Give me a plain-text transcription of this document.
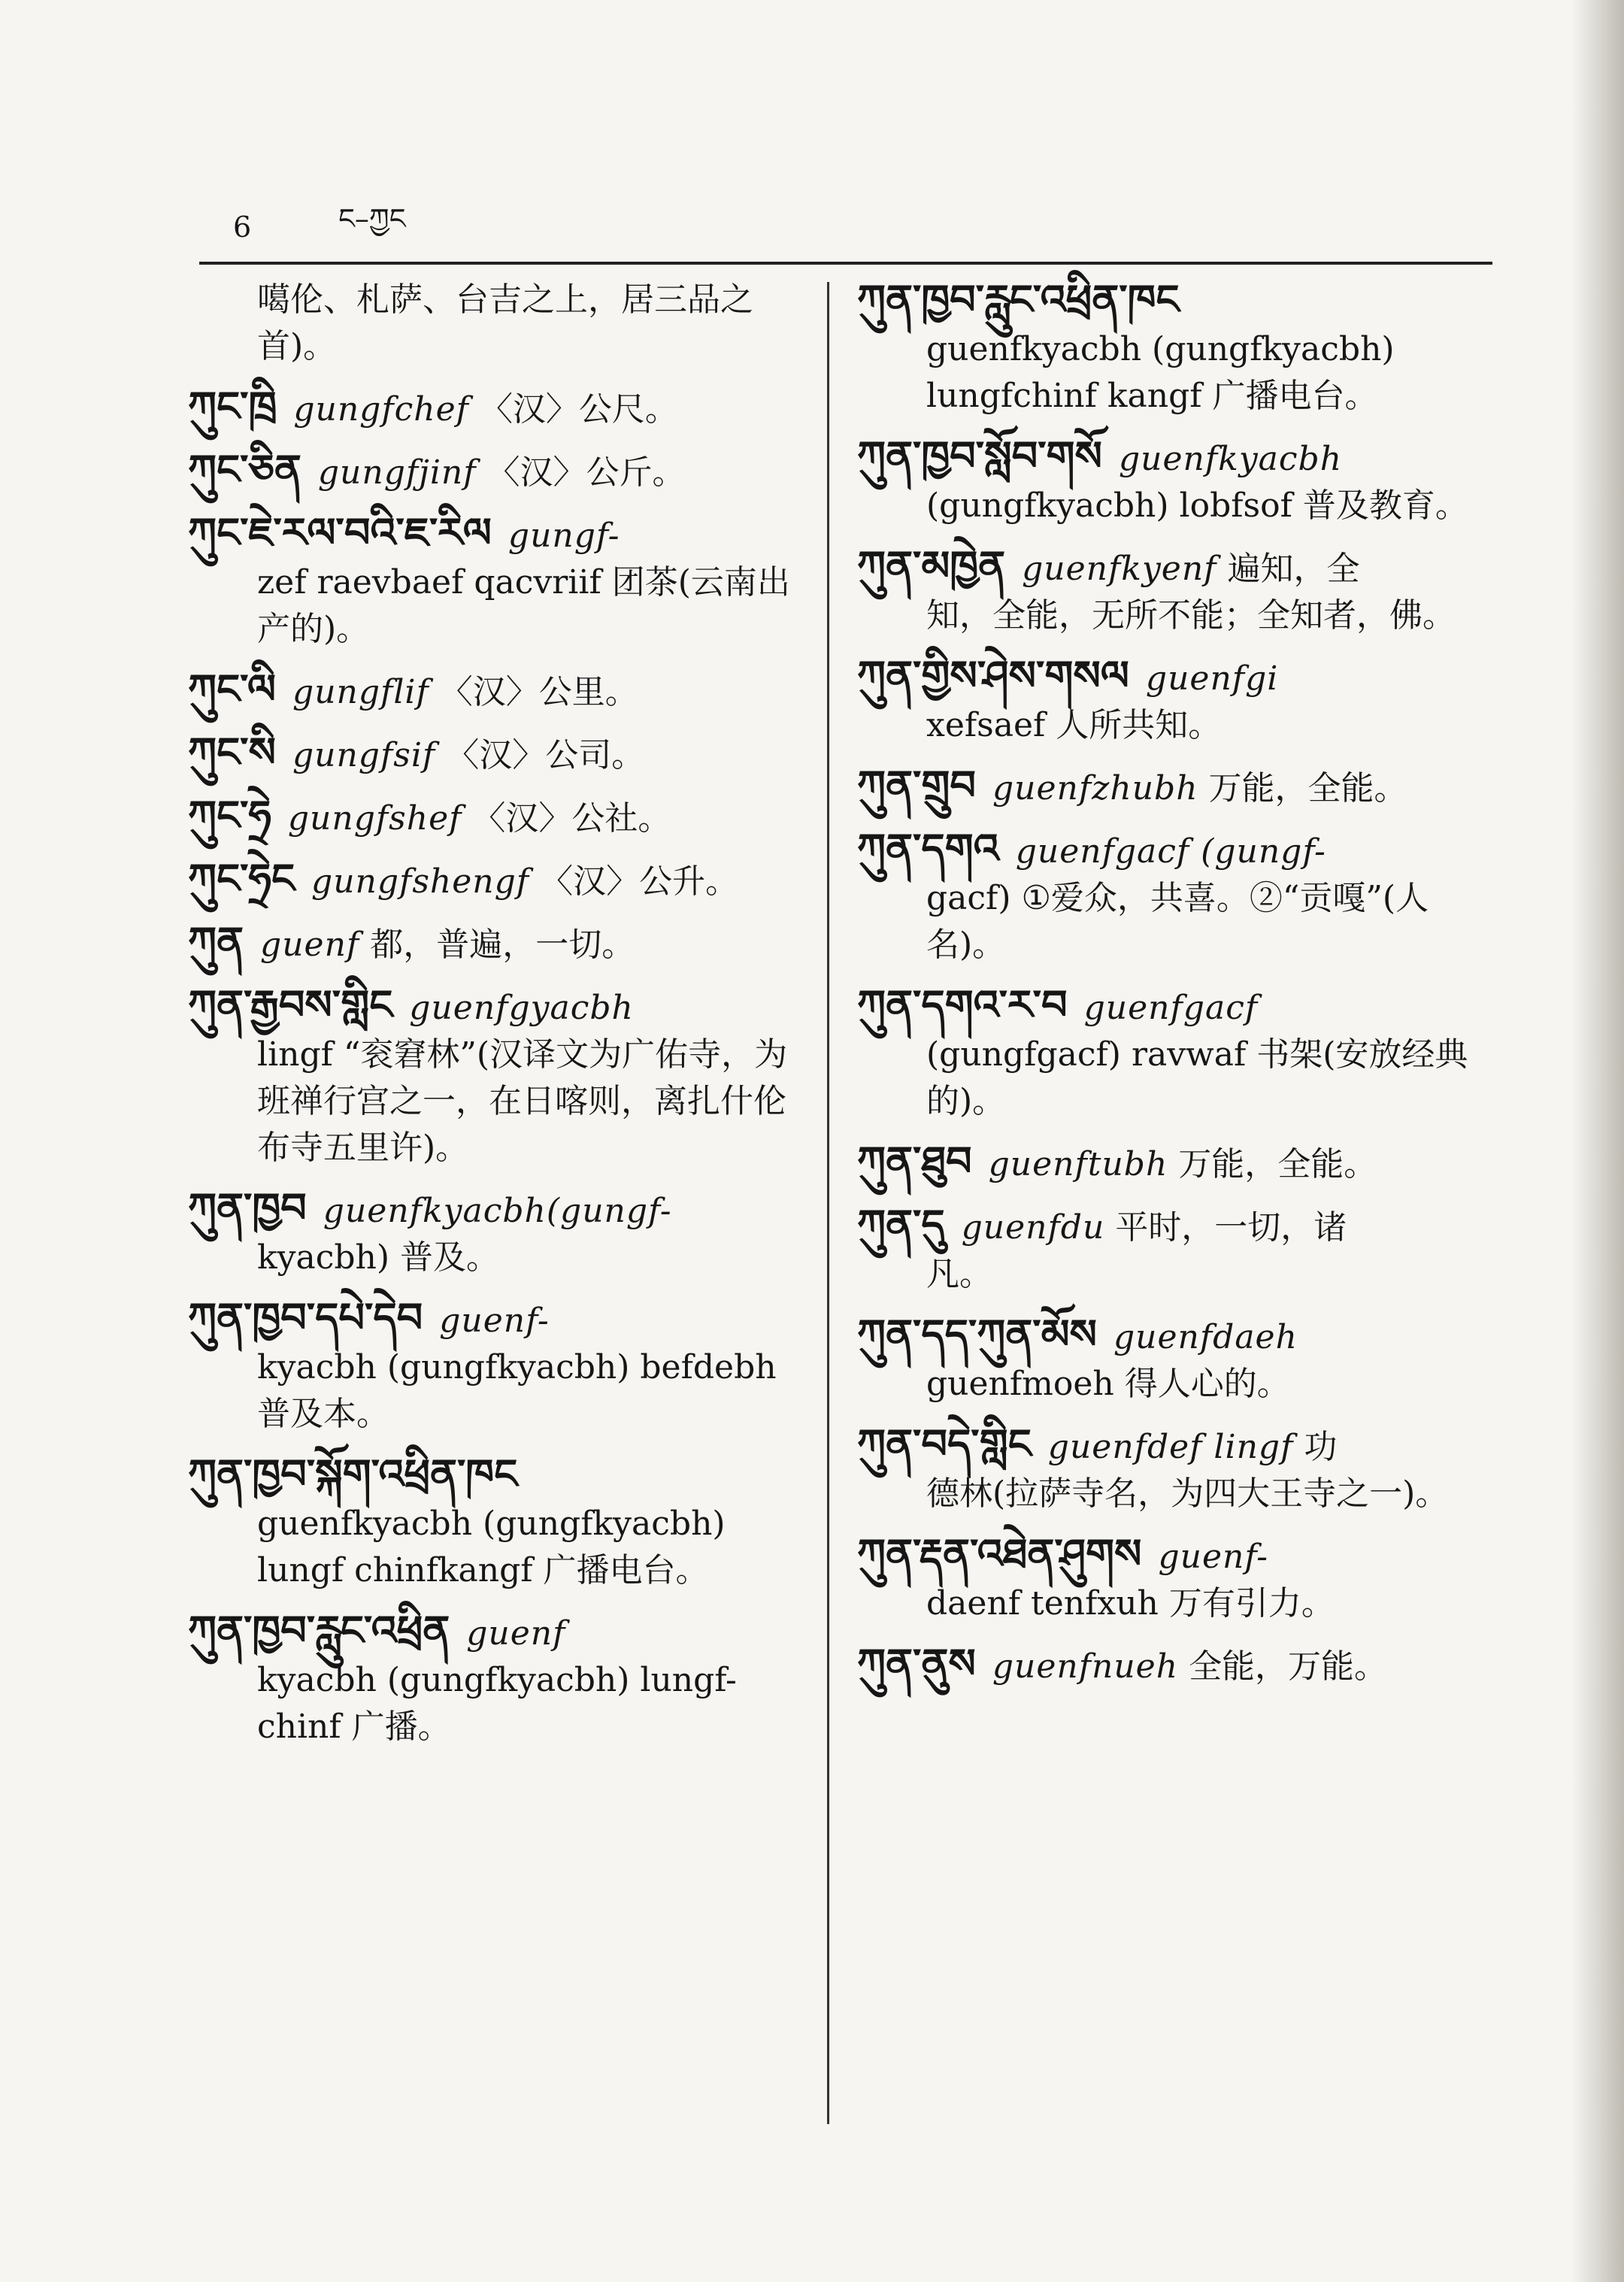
6	ང–ཀྱང
噶伦、札萨、台吉之上，居三品之首)。
ཀུང་ཁྲི gungfchef 〈汉〉公尺。
ཀུང་ཅིན gungfjinf 〈汉〉公斤。
ཀུང་ཇེ་རལ་བའི་ཇ་རིལ gungf-
zef raevbaef qacvriif 团茶(云南出产的)。
ཀུང་ལི gungflif 〈汉〉公里。
ཀུང་སི gungfsif 〈汉〉公司。
ཀུང་ཧྲེ gungfshef 〈汉〉公社。
ཀུང་ཧྲེང gungfshengf 〈汉〉公升。
ཀུན guenf 都，普遍，一切。
ཀུན་རྒྱབས་གླིང guenfgyacbh
lingf “衮窘林”(汉译文为广佑寺，为班禅行宫之一，在日喀则，离扎什伦布寺五里许)。
ཀུན་ཁྱབ guenfkyacbh(gungf-
kyacbh) 普及。
ཀུན་ཁྱབ་དཔེ་དེབ guenf-
kyacbh (gungfkyacbh) befdebh 普及本。
ཀུན་ཁྱབ་སྐོག་འཕྲིན་ཁང
guenfkyacbh (gungfkyacbh) lungf chinfkangf 广播电台。
ཀུན་ཁྱབ་རླུང་འཕྲིན guenf
kyacbh (gungfkyacbh) lungf-chinf 广播。
ཀུན་ཁྱབ་རླུང་འཕྲིན་ཁང
guenfkyacbh (gungfkyacbh) lungfchinf kangf 广播电台。
ཀུན་ཁྱབ་སློབ་གསོ guenfkyacbh
(gungfkyacbh) lobfsof 普及教育。
ཀུན་མཁྱེན guenfkyenf 遍知，全
知，全能，无所不能；全知者，佛。
ཀུན་གྱིས་ཤེས་གསལ guenfgi
xefsaef 人所共知。
ཀུན་གྲུབ guenfzhubh 万能，全能。
ཀུན་དགའ guenfgacf (gungf-
gacf) ①爱众，共喜。②“贡嘎”(人名)。
ཀུན་དགའ་ར་བ guenfgacf
(gungfgacf) ravwaf 书架(安放经典的)。
ཀུན་ཐུབ guenftubh 万能，全能。
ཀུན་དུ guenfdu 平时，一切，诸
凡。
ཀུན་དད་ཀུན་མོས guenfdaeh
guenfmoeh 得人心的。
ཀུན་བདེ་གླིང guenfdef lingf 功
德林(拉萨寺名，为四大王寺之一)。
ཀུན་རྡན་འཐེན་ཤུགས guenf-
daenf tenfxuh 万有引力。
ཀུན་ནུས guenfnueh 全能，万能。
